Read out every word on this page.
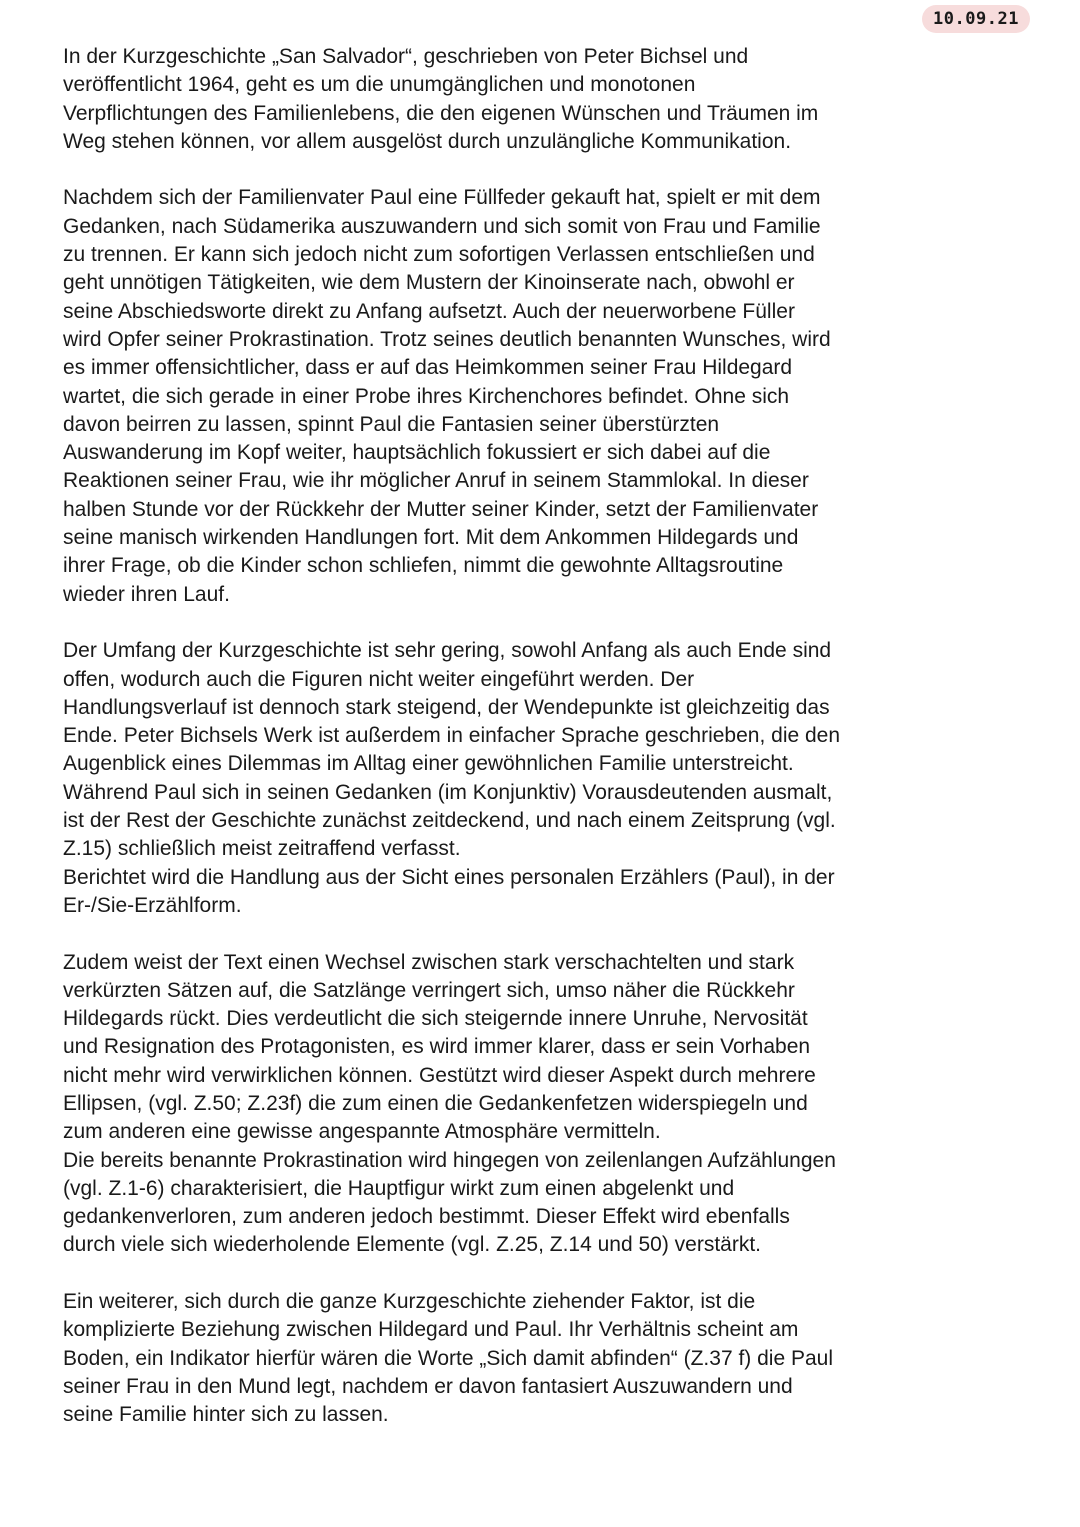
10.09.21

In der Kurzgeschichte „San Salvador“, geschrieben von Peter Bichsel und
veröffentlicht 1964, geht es um die unumgänglichen und monotonen
Verpflichtungen des Familienlebens, die den eigenen Wünschen und Träumen im
Weg stehen können, vor allem ausgelöst durch unzulängliche Kommunikation.

Nachdem sich der Familienvater Paul eine Füllfeder gekauft hat, spielt er mit dem
Gedanken, nach Südamerika auszuwandern und sich somit von Frau und Familie
zu trennen. Er kann sich jedoch nicht zum sofortigen Verlassen entschließen und
geht unnötigen Tätigkeiten, wie dem Mustern der Kinoinserate nach, obwohl er
seine Abschiedsworte direkt zu Anfang aufsetzt. Auch der neuerworbene Füller
wird Opfer seiner Prokrastination. Trotz seines deutlich benannten Wunsches, wird
es immer offensichtlicher, dass er auf das Heimkommen seiner Frau Hildegard
wartet, die sich gerade in einer Probe ihres Kirchenchores befindet. Ohne sich
davon beirren zu lassen, spinnt Paul die Fantasien seiner überstürzten
Auswanderung im Kopf weiter, hauptsächlich fokussiert er sich dabei auf die
Reaktionen seiner Frau, wie ihr möglicher Anruf in seinem Stammlokal. In dieser
halben Stunde vor der Rückkehr der Mutter seiner Kinder, setzt der Familienvater
seine manisch wirkenden Handlungen fort. Mit dem Ankommen Hildegards und
ihrer Frage, ob die Kinder schon schliefen, nimmt die gewohnte Alltagsroutine
wieder ihren Lauf.

Der Umfang der Kurzgeschichte ist sehr gering, sowohl Anfang als auch Ende sind
offen, wodurch auch die Figuren nicht weiter eingeführt werden. Der
Handlungsverlauf ist dennoch stark steigend, der Wendepunkte ist gleichzeitig das
Ende. Peter Bichsels Werk ist außerdem in einfacher Sprache geschrieben, die den
Augenblick eines Dilemmas im Alltag einer gewöhnlichen Familie unterstreicht.
Während Paul sich in seinen Gedanken (im Konjunktiv) Vorausdeutenden ausmalt,
ist der Rest der Geschichte zunächst zeitdeckend, und nach einem Zeitsprung (vgl.
Z.15) schließlich meist zeitraffend verfasst.

Berichtet wird die Handlung aus der Sicht eines personalen Erzählers (Paul), in der
Er-/Sie-Erzählform.

Zudem weist der Text einen Wechsel zwischen stark verschachtelten und stark
verkürzten Sätzen auf, die Satzlänge verringert sich, umso näher die Rückkehr
Hildegards rückt. Dies verdeutlicht die sich steigernde innere Unruhe, Nervosität
und Resignation des Protagonisten, es wird immer klarer, dass er sein Vorhaben
nicht mehr wird verwirklichen können. Gestützt wird dieser Aspekt durch mehrere
Ellipsen, (vgl. Z.50; Z.23f) die zum einen die Gedankenfetzen widerspiegeln und
zum anderen eine gewisse angespannte Atmosphäre vermitteln.

Die bereits benannte Prokrastination wird hingegen von zeilenlangen Aufzählungen
(vgl. Z.1-6) charakterisiert, die Hauptfigur wirkt zum einen abgelenkt und
gedankenverloren, zum anderen jedoch bestimmt. Dieser Effekt wird ebenfalls
durch viele sich wiederholende Elemente (vgl. Z.25, Z.14 und 50) verstärkt.

Ein weiterer, sich durch die ganze Kurzgeschichte ziehender Faktor, ist die
komplizierte Beziehung zwischen Hildegard und Paul. Ihr Verhältnis scheint am
Boden, ein Indikator hierfür wären die Worte „Sich damit abfinden“ (Z.37 f) die Paul
seiner Frau in den Mund legt, nachdem er davon fantasiert Auszuwandern und
seine Familie hinter sich zu lassen.
